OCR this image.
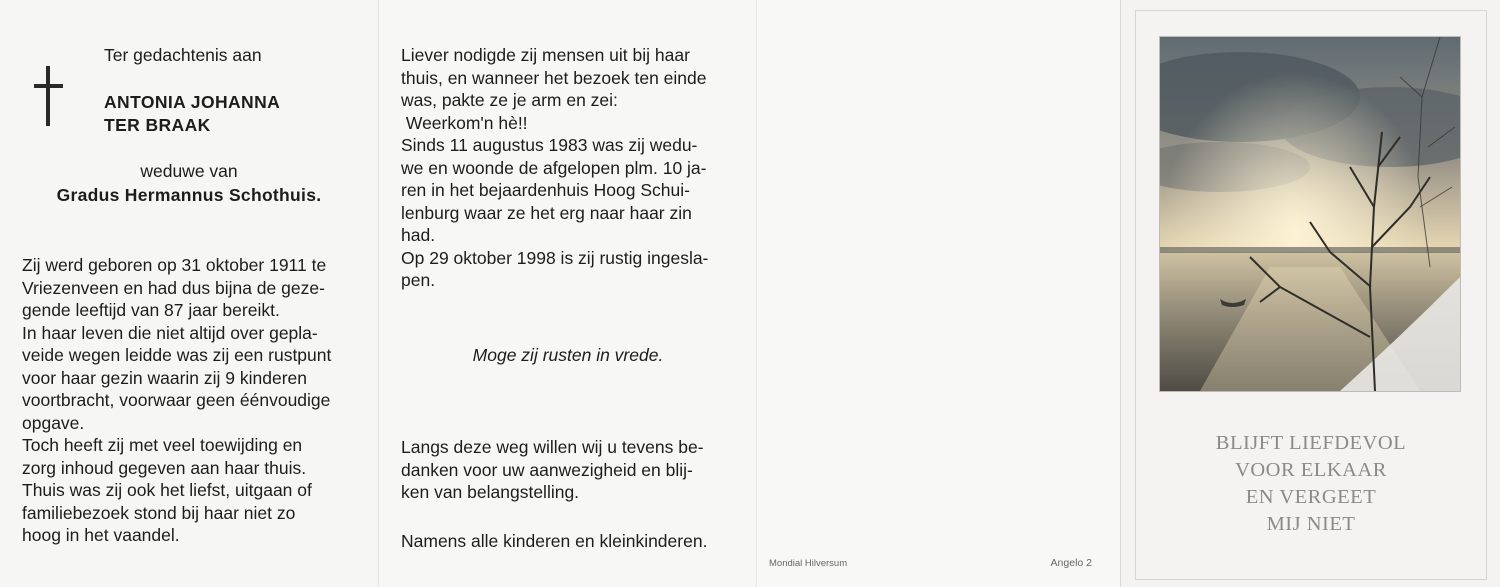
Ter gedachtenis aan
ANTONIA JOHANNA
TER BRAAK
weduwe van
Gradus Hermannus Schothuis.
Zij werd geboren op 31 oktober 1911 te
Vriezenveen en had dus bijna de geze-
gende leeftijd van 87 jaar bereikt.
In haar leven die niet altijd over gepla-
veide wegen leidde was zij een rustpunt
voor haar gezin waarin zij 9 kinderen
voortbracht, voorwaar geen éénvoudige
opgave.
Toch heeft zij met veel toewijding en
zorg inhoud gegeven aan haar thuis.
Thuis was zij ook het liefst, uitgaan of
familiebezoek stond bij haar niet zo
hoog in het vaandel.
Liever nodigde zij mensen uit bij haar
thuis, en wanneer het bezoek ten einde
was, pakte ze je arm en zei:
Weerkom'n hè!!
Sinds 11 augustus 1983 was zij wedu-
we en woonde de afgelopen plm. 10 ja-
ren in het bejaardenhuis Hoog Schui-
lenburg waar ze het erg naar haar zin
had.
Op 29 oktober 1998 is zij rustig ingesla-
pen.
Moge zij rusten in vrede.
Langs deze weg willen wij u tevens be-
danken voor uw aanwezigheid en blij-
ken van belangstelling.
Namens alle kinderen en kleinkinderen.
Mondial Hilversum	Angelo 2
BLIJFT LIEFDEVOL
VOOR ELKAAR
EN VERGEET
MIJ NIET
